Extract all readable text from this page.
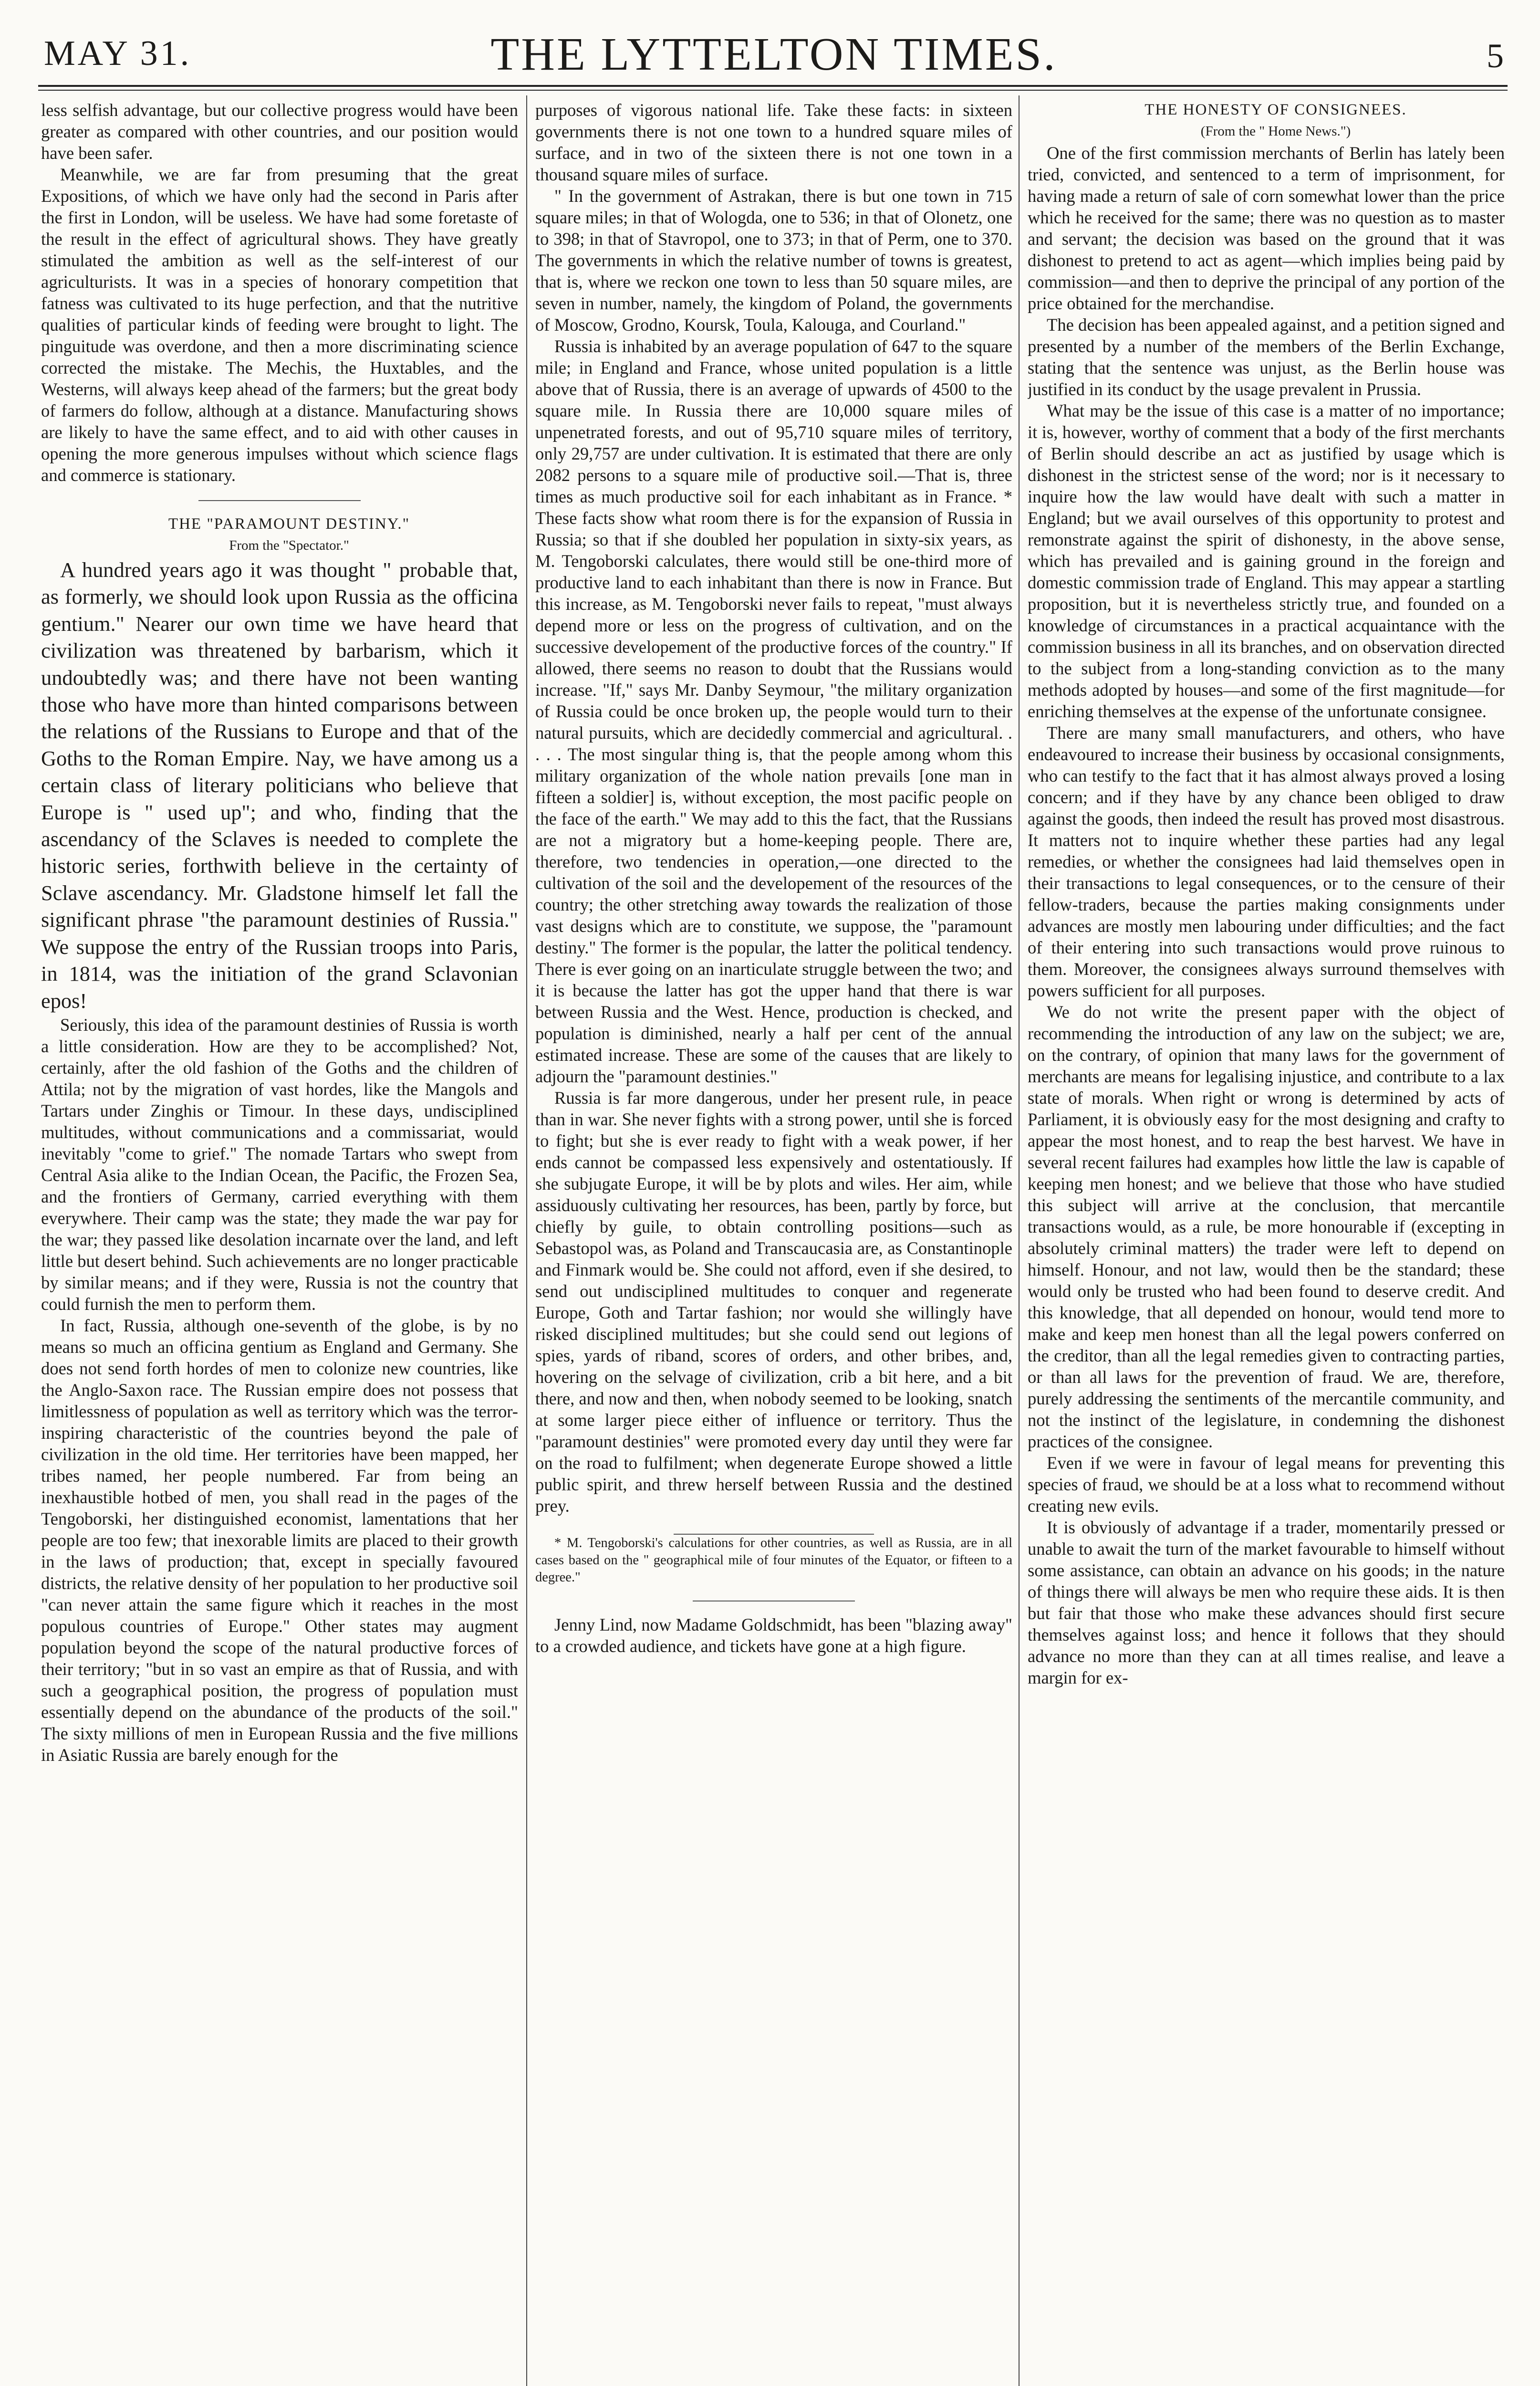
MAY 31.	THE LYTTELTON TIMES.	5

less selfish advantage, but our collective progress would have been greater as compared with other countries, and our position would have been safer.

Meanwhile, we are far from presuming that the great Expositions, of which we have only had the second in Paris after the first in London, will be useless. We have had some foretaste of the result in the effect of agricultural shows. They have greatly stimulated the ambition as well as the self-interest of our agriculturists. It was in a species of honorary competition that fatness was cultivated to its huge perfection, and that the nutritive qualities of particular kinds of feeding were brought to light. The pinguitude was overdone, and then a more discriminating science corrected the mistake. The Mechis, the Huxtables, and the Westerns, will always keep ahead of the farmers; but the great body of farmers do follow, although at a distance. Manufacturing shows are likely to have the same effect, and to aid with other causes in opening the more generous impulses without which science flags and commerce is stationary.

THE "PARAMOUNT DESTINY."

From the "Spectator."

A hundred years ago it was thought " probable that, as formerly, we should look upon Russia as the officina gentium." Nearer our own time we have heard that civilization was threatened by barbarism, which it undoubtedly was; and there have not been wanting those who have more than hinted comparisons between the relations of the Russians to Europe and that of the Goths to the Roman Empire. Nay, we have among us a certain class of literary politicians who believe that Europe is " used up"; and who, finding that the ascendancy of the Sclaves is needed to complete the historic series, forthwith believe in the certainty of Sclave ascendancy. Mr. Gladstone himself let fall the significant phrase "the paramount destinies of Russia." We suppose the entry of the Russian troops into Paris, in 1814, was the initiation of the grand Sclavonian epos!

Seriously, this idea of the paramount destinies of Russia is worth a little consideration. How are they to be accomplished? Not, certainly, after the old fashion of the Goths and the children of Attila; not by the migration of vast hordes, like the Mangols and Tartars under Zinghis or Timour. In these days, undisciplined multitudes, without communications and a commissariat, would inevitably "come to grief." The nomade Tartars who swept from Central Asia alike to the Indian Ocean, the Pacific, the Frozen Sea, and the frontiers of Germany, carried everything with them everywhere. Their camp was the state; they made the war pay for the war; they passed like desolation incarnate over the land, and left little but desert behind. Such achievements are no longer practicable by similar means; and if they were, Russia is not the country that could furnish the men to perform them.

In fact, Russia, although one-seventh of the globe, is by no means so much an officina gentium as England and Germany. She does not send forth hordes of men to colonize new countries, like the Anglo-Saxon race. The Russian empire does not possess that limitlessness of population as well as territory which was the terror-inspiring characteristic of the countries beyond the pale of civilization in the old time. Her territories have been mapped, her tribes named, her people numbered. Far from being an inexhaustible hotbed of men, you shall read in the pages of the Tengoborski, her distinguished economist, lamentations that her people are too few; that inexorable limits are placed to their growth in the laws of production; that, except in specially favoured districts, the relative density of her population to her productive soil "can never attain the same figure which it reaches in the most populous countries of Europe." Other states may augment population beyond the scope of the natural productive forces of their territory; "but in so vast an empire as that of Russia, and with such a geographical position, the progress of population must essentially depend on the abundance of the products of the soil." The sixty millions of men in European Russia and the five millions in Asiatic Russia are barely enough for the

purposes of vigorous national life. Take these facts: in sixteen governments there is not one town to a hundred square miles of surface, and in two of the sixteen there is not one town in a thousand square miles of surface.

" In the government of Astrakan, there is but one town in 715 square miles; in that of Wologda, one to 536; in that of Olonetz, one to 398; in that of Stavropol, one to 373; in that of Perm, one to 370. The governments in which the relative number of towns is greatest, that is, where we reckon one town to less than 50 square miles, are seven in number, namely, the kingdom of Poland, the governments of Moscow, Grodno, Koursk, Toula, Kalouga, and Courland."

Russia is inhabited by an average population of 647 to the square mile; in England and France, whose united population is a little above that of Russia, there is an average of upwards of 4500 to the square mile. In Russia there are 10,000 square miles of unpenetrated forests, and out of 95,710 square miles of territory, only 29,757 are under cultivation. It is estimated that there are only 2082 persons to a square mile of productive soil.—That is, three times as much productive soil for each inhabitant as in France. * These facts show what room there is for the expansion of Russia in Russia; so that if she doubled her population in sixty-six years, as M. Tengoborski calculates, there would still be one-third more of productive land to each inhabitant than there is now in France. But this increase, as M. Tengoborski never fails to repeat, "must always depend more or less on the progress of cultivation, and on the successive developement of the productive forces of the country." If allowed, there seems no reason to doubt that the Russians would increase. "If," says Mr. Danby Seymour, "the military organization of Russia could be once broken up, the people would turn to their natural pursuits, which are decidedly commercial and agricultural. . . . . The most singular thing is, that the people among whom this military organization of the whole nation prevails [one man in fifteen a soldier] is, without exception, the most pacific people on the face of the earth." We may add to this the fact, that the Russians are not a migratory but a home-keeping people. There are, therefore, two tendencies in operation,—one directed to the cultivation of the soil and the developement of the resources of the country; the other stretching away towards the realization of those vast designs which are to constitute, we suppose, the "paramount destiny." The former is the popular, the latter the political tendency. There is ever going on an inarticulate struggle between the two; and it is because the latter has got the upper hand that there is war between Russia and the West. Hence, production is checked, and population is diminished, nearly a half per cent of the annual estimated increase. These are some of the causes that are likely to adjourn the "paramount destinies."

Russia is far more dangerous, under her present rule, in peace than in war. She never fights with a strong power, until she is forced to fight; but she is ever ready to fight with a weak power, if her ends cannot be compassed less expensively and ostentatiously. If she subjugate Europe, it will be by plots and wiles. Her aim, while assiduously cultivating her resources, has been, partly by force, but chiefly by guile, to obtain controlling positions—such as Sebastopol was, as Poland and Transcaucasia are, as Constantinople and Finmark would be. She could not afford, even if she desired, to send out undisciplined multitudes to conquer and regenerate Europe, Goth and Tartar fashion; nor would she willingly have risked disciplined multitudes; but she could send out legions of spies, yards of riband, scores of orders, and other bribes, and, hovering on the selvage of civilization, crib a bit here, and a bit there, and now and then, when nobody seemed to be looking, snatch at some larger piece either of influence or territory. Thus the "paramount destinies" were promoted every day until they were far on the road to fulfilment; when degenerate Europe showed a little public spirit, and threw herself between Russia and the destined prey.

* M. Tengoborski's calculations for other countries, as well as Russia, are in all cases based on the " geographical mile of four minutes of the Equator, or fifteen to a degree."

Jenny Lind, now Madame Goldschmidt, has been "blazing away" to a crowded audience, and tickets have gone at a high figure.

THE HONESTY OF CONSIGNEES.

(From the " Home News.")

One of the first commission merchants of Berlin has lately been tried, convicted, and sentenced to a term of imprisonment, for having made a return of sale of corn somewhat lower than the price which he received for the same; there was no question as to master and servant; the decision was based on the ground that it was dishonest to pretend to act as agent—which implies being paid by commission—and then to deprive the principal of any portion of the price obtained for the merchandise.

The decision has been appealed against, and a petition signed and presented by a number of the members of the Berlin Exchange, stating that the sentence was unjust, as the Berlin house was justified in its conduct by the usage prevalent in Prussia.

What may be the issue of this case is a matter of no importance; it is, however, worthy of comment that a body of the first merchants of Berlin should describe an act as justified by usage which is dishonest in the strictest sense of the word; nor is it necessary to inquire how the law would have dealt with such a matter in England; but we avail ourselves of this opportunity to protest and remonstrate against the spirit of dishonesty, in the above sense, which has prevailed and is gaining ground in the foreign and domestic commission trade of England. This may appear a startling proposition, but it is nevertheless strictly true, and founded on a knowledge of circumstances in a practical acquaintance with the commission business in all its branches, and on observation directed to the subject from a long-standing conviction as to the many methods adopted by houses—and some of the first magnitude—for enriching themselves at the expense of the unfortunate consignee.

There are many small manufacturers, and others, who have endeavoured to increase their business by occasional consignments, who can testify to the fact that it has almost always proved a losing concern; and if they have by any chance been obliged to draw against the goods, then indeed the result has proved most disastrous. It matters not to inquire whether these parties had any legal remedies, or whether the consignees had laid themselves open in their transactions to legal consequences, or to the censure of their fellow-traders, because the parties making consignments under advances are mostly men labouring under difficulties; and the fact of their entering into such transactions would prove ruinous to them. Moreover, the consignees always surround themselves with powers sufficient for all purposes.

We do not write the present paper with the object of recommending the introduction of any law on the subject; we are, on the contrary, of opinion that many laws for the government of merchants are means for legalising injustice, and contribute to a lax state of morals. When right or wrong is determined by acts of Parliament, it is obviously easy for the most designing and crafty to appear the most honest, and to reap the best harvest. We have in several recent failures had examples how little the law is capable of keeping men honest; and we believe that those who have studied this subject will arrive at the conclusion, that mercantile transactions would, as a rule, be more honourable if (excepting in absolutely criminal matters) the trader were left to depend on himself. Honour, and not law, would then be the standard; these would only be trusted who had been found to deserve credit. And this knowledge, that all depended on honour, would tend more to make and keep men honest than all the legal powers conferred on the creditor, than all the legal remedies given to contracting parties, or than all laws for the prevention of fraud. We are, therefore, purely addressing the sentiments of the mercantile community, and not the instinct of the legislature, in condemning the dishonest practices of the consignee.

Even if we were in favour of legal means for preventing this species of fraud, we should be at a loss what to recommend without creating new evils.

It is obviously of advantage if a trader, momentarily pressed or unable to await the turn of the market favourable to himself without some assistance, can obtain an advance on his goods; in the nature of things there will always be men who require these aids. It is then but fair that those who make these advances should first secure themselves against loss; and hence it follows that they should advance no more than they can at all times realise, and leave a margin for ex-
